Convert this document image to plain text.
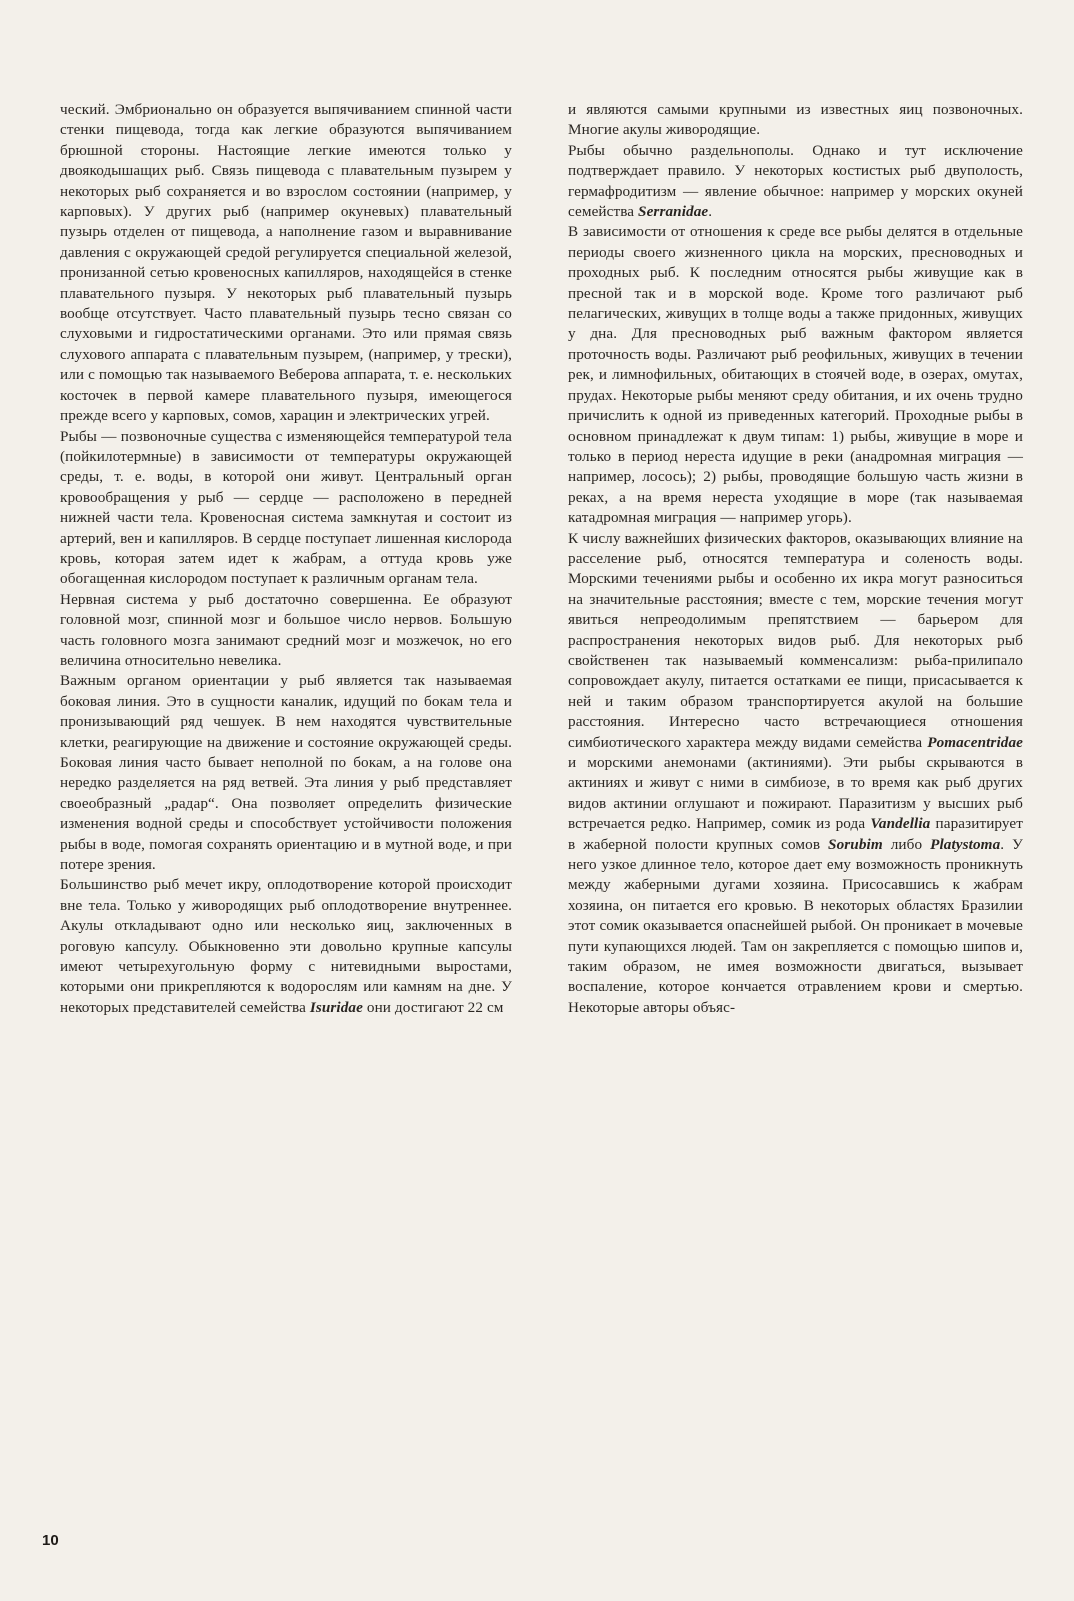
ческий. Эмбрионально он образуется выпячиванием спинной части стенки пищевода, тогда как легкие образуются выпячиванием брюшной стороны. Настоящие легкие имеются только у двоякодышащих рыб. Связь пищевода с плавательным пузырем у некоторых рыб сохраняется и во взрослом состоянии (например, у карповых). У других рыб (например окуневых) плавательный пузырь отделен от пищевода, а наполнение газом и выравнивание давления с окружающей средой регулируется специальной железой, пронизанной сетью кровеносных капилляров, находящейся в стенке плавательного пузыря. У некоторых рыб плавательный пузырь вообще отсутствует. Часто плавательный пузырь тесно связан со слуховыми и гидростатическими органами. Это или прямая связь слухового аппарата с плавательным пузырем, (например, у трески), или с помощью так называемого Веберова аппарата, т. е. нескольких косточек в первой камере плавательного пузыря, имеющегося прежде всего у карповых, сомов, харацин и электрических угрей.

Рыбы — позвоночные существа с изменяющейся температурой тела (пойкилотермные) в зависимости от температуры окружающей среды, т. е. воды, в которой они живут. Центральный орган кровообращения у рыб — сердце — расположено в передней нижней части тела. Кровеносная система замкнутая и состоит из артерий, вен и капилляров. В сердце поступает лишенная кислорода кровь, которая затем идет к жабрам, а оттуда кровь уже обогащенная кислородом поступает к различным органам тела.

Нервная система у рыб достаточно совершенна. Ее образуют головной мозг, спинной мозг и большое число нервов. Большую часть головного мозга занимают средний мозг и мозжечок, но его величина относительно невелика.

Важным органом ориентации у рыб является так называемая боковая линия. Это в сущности каналик, идущий по бокам тела и пронизывающий ряд чешуек. В нем находятся чувствительные клетки, реагирующие на движение и состояние окружающей среды. Боковая линия часто бывает неполной по бокам, а на голове она нередко разделяется на ряд ветвей. Эта линия у рыб представляет своеобразный „радар“. Она позволяет определить физические изменения водной среды и способствует устойчивости положения рыбы в воде, помогая сохранять ориентацию и в мутной воде, и при потере зрения.

Большинство рыб мечет икру, оплодотворение которой происходит вне тела. Только у живородящих рыб оплодотворение внутреннее. Акулы откладывают одно или несколько яиц, заключенных в роговую капсулу. Обыкновенно эти довольно крупные капсулы имеют четырехугольную форму с нитевидными выростами, которыми они прикрепляются к водорослям или камням на дне. У некоторых представителей семейства Isuridae они достигают 22 см

и являются самыми крупными из известных яиц позвоночных. Многие акулы живородящие.

Рыбы обычно раздельнополы. Однако и тут исключение подтверждает правило. У некоторых костистых рыб двуполость, гермафродитизм — явление обычное: например у морских окуней семейства Serranidae.

В зависимости от отношения к среде все рыбы делятся в отдельные периоды своего жизненного цикла на морских, пресноводных и проходных рыб. К последним относятся рыбы живущие как в пресной так и в морской воде. Кроме того различают рыб пелагических, живущих в толще воды а также придонных, живущих у дна. Для пресноводных рыб важным фактором является проточность воды. Различают рыб реофильных, живущих в течении рек, и лимнофильных, обитающих в стоячей воде, в озерах, омутах, прудах. Некоторые рыбы меняют среду обитания, и их очень трудно причислить к одной из приведенных категорий. Проходные рыбы в основном принадлежат к двум типам: 1) рыбы, живущие в море и только в период нереста идущие в реки (анадромная миграция — например, лосось); 2) рыбы, проводящие большую часть жизни в реках, а на время нереста уходящие в море (так называемая катадромная миграция — например угорь).

К числу важнейших физических факторов, оказывающих влияние на расселение рыб, относятся температура и соленость воды. Морскими течениями рыбы и особенно их икра могут разноситься на значительные расстояния; вместе с тем, морские течения могут явиться непреодолимым препятствием — барьером для распространения некоторых видов рыб. Для некоторых рыб свойственен так называемый комменсализм: рыба-прилипало сопровождает акулу, питается остатками ее пищи, присасывается к ней и таким образом транспортируется акулой на большие расстояния. Интересно часто встречающиеся отношения симбиотического характера между видами семейства Pomacentridae и морскими анемонами (актиниями). Эти рыбы скрываются в актиниях и живут с ними в симбиозе, в то время как рыб других видов актинии оглушают и пожирают. Паразитизм у высших рыб встречается редко. Например, сомик из рода Vandellia паразитирует в жаберной полости крупных сомов Sorubim либо Platystoma. У него узкое длинное тело, которое дает ему возможность проникнуть между жаберными дугами хозяина. Присосавшись к жабрам хозяина, он питается его кровью. В некоторых областях Бразилии этот сомик оказывается опаснейшей рыбой. Он проникает в мочевые пути купающихся людей. Там он закрепляется с помощью шипов и, таким образом, не имея возможности двигаться, вызывает воспаление, которое кончается отравлением крови и смертью. Некоторые авторы объяс-

10
